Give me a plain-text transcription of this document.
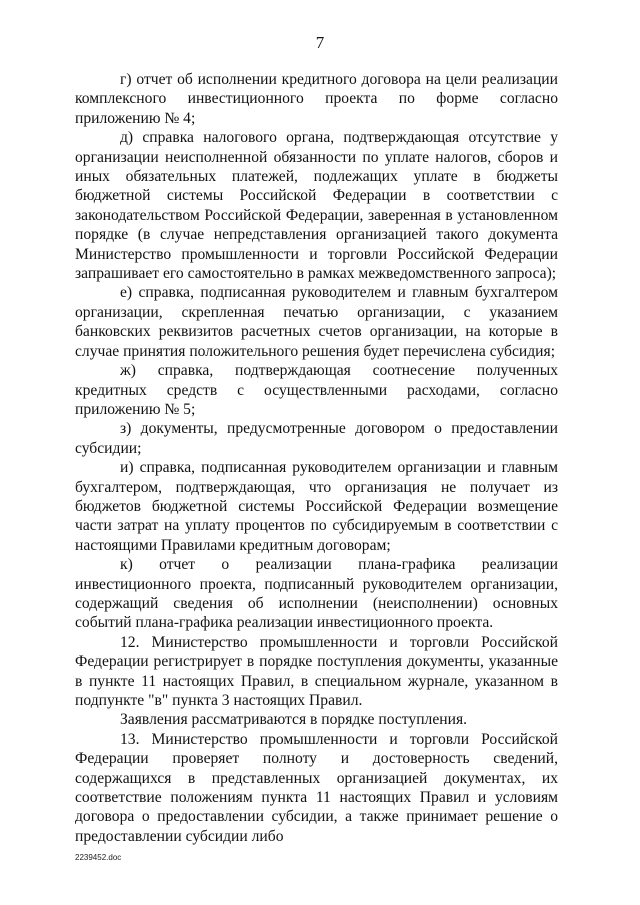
7

г) отчет об исполнении кредитного договора на цели реализации комплексного инвестиционного проекта по форме согласно приложению № 4;

д) справка налогового органа, подтверждающая отсутствие у организации неисполненной обязанности по уплате налогов, сборов и иных обязательных платежей, подлежащих уплате в бюджеты бюджетной системы Российской Федерации в соответствии с законодательством Российской Федерации, заверенная в установленном порядке (в случае непредставления организацией такого документа Министерство промышленности и торговли Российской Федерации запрашивает его самостоятельно в рамках межведомственного запроса);

е) справка, подписанная руководителем и главным бухгалтером организации, скрепленная печатью организации, с указанием банковских реквизитов расчетных счетов организации, на которые в случае принятия положительного решения будет перечислена субсидия;

ж) справка, подтверждающая соотнесение полученных кредитных средств с осуществленными расходами, согласно приложению № 5;

з) документы, предусмотренные договором о предоставлении субсидии;

и) справка, подписанная руководителем организации и главным бухгалтером, подтверждающая, что организация не получает из бюджетов бюджетной системы Российской Федерации возмещение части затрат на уплату процентов по субсидируемым в соответствии с настоящими Правилами кредитным договорам;

к) отчет о реализации плана-графика реализации инвестиционного проекта, подписанный руководителем организации, содержащий сведения об исполнении (неисполнении) основных событий плана-графика реализации инвестиционного проекта.

12. Министерство промышленности и торговли Российской Федерации регистрирует в порядке поступления документы, указанные в пункте 11 настоящих Правил, в специальном журнале, указанном в подпункте "в" пункта 3 настоящих Правил.

Заявления рассматриваются в порядке поступления.

13. Министерство промышленности и торговли Российской Федерации проверяет полноту и достоверность сведений, содержащихся в представленных организацией документах, их соответствие положениям пункта 11 настоящих Правил и условиям договора о предоставлении субсидии, а также принимает решение о предоставлении субсидии либо

2239452.doc
